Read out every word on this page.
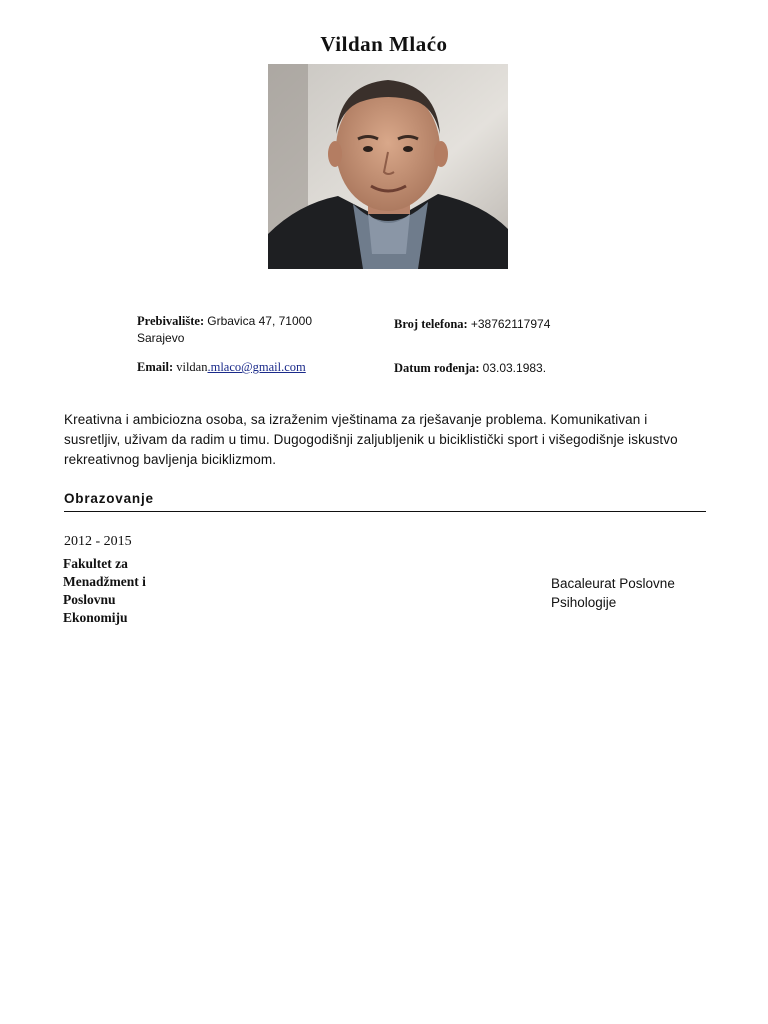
Vildan Mlaćo
Prebivalište: Grbavica 47, 71000 Sarajevo
Broj telefona: +38762117974
Email: vildan.mlaco@gmail.com	Datum rođenja: 03.03.1983.
Kreativna i ambiciozna osoba, sa izraženim vještinama za rješavanje problema. Komunikativan i susretljiv, uživam da radim u timu. Dugogodišnji zaljubljenik u biciklistički sport i višegodišnje iskustvo rekreativnog bavljenja biciklizmom.
Obrazovanje
2012 - 2015
Fakultet za Menadžment i Poslovnu Ekonomiju
Bacaleurat Poslovne Psihologije
